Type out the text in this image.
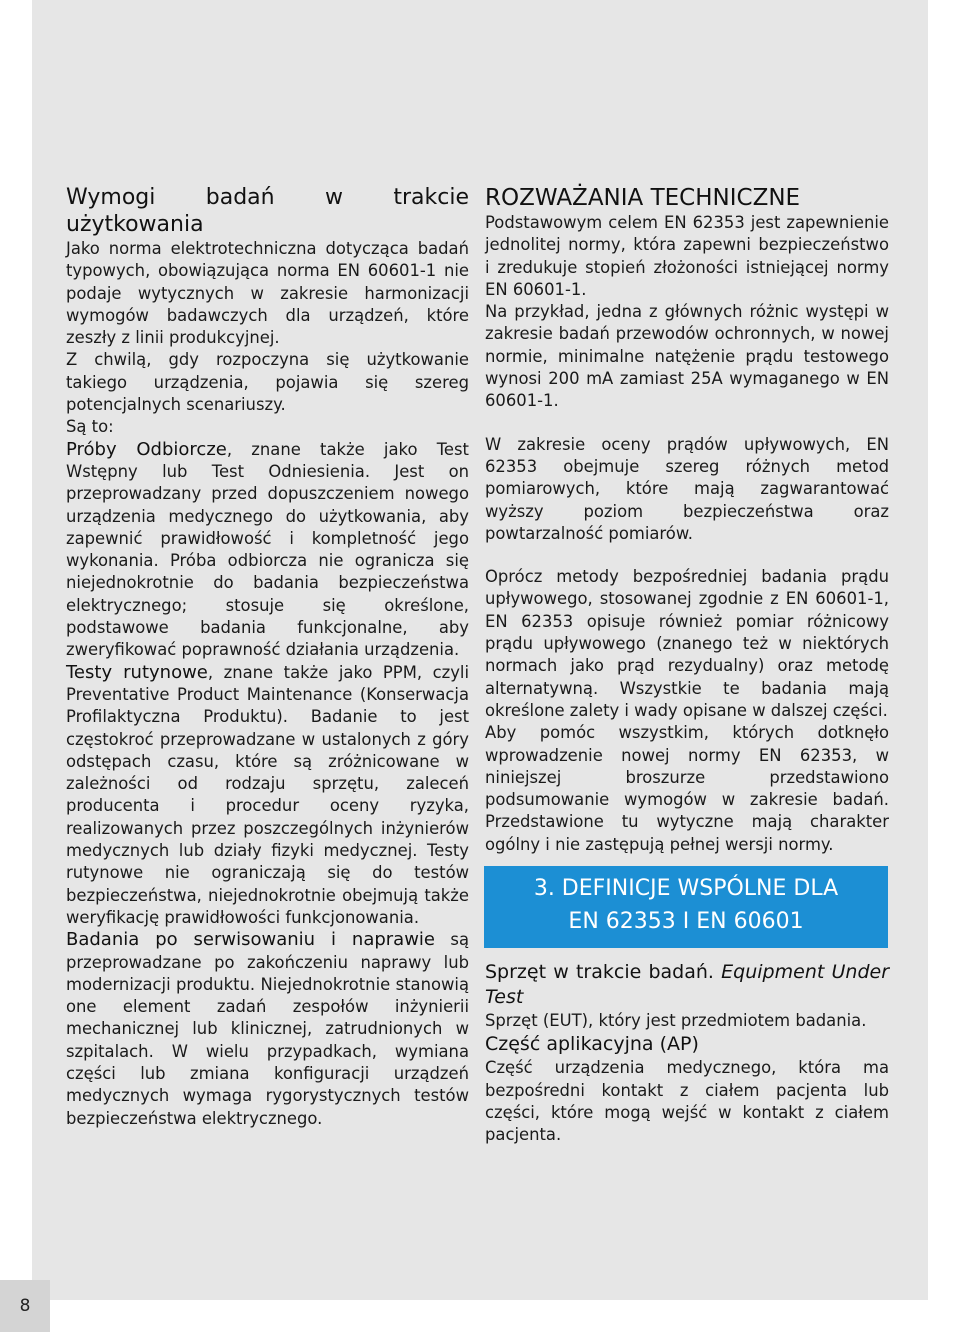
8
Wymogi badań w trakcie użytkowania

Jako norma elektrotechniczna dotycząca badań typowych, obowiązująca norma EN 60601-1 nie podaje wytycznych w zakresie harmonizacji wymogów badawczych dla urządzeń, które zeszły z linii produkcyjnej.

Z chwilą, gdy rozpoczyna się użytkowanie takiego urządzenia, pojawia się szereg potencjalnych scenariuszy.

Są to:

Próby Odbiorcze, znane także jako Test Wstępny lub Test Odniesienia. Jest on przeprowadzany przed dopuszczeniem nowego urządzenia medycznego do użytkowania, aby zapewnić prawidłowość i kompletność jego wykonania. Próba odbiorcza nie ogranicza się niejednokrotnie do badania bezpieczeństwa elektrycznego; stosuje się określone, podstawowe badania funkcjonalne, aby zweryfikować poprawność działania urządzenia.

Testy rutynowe, znane także jako PPM, czyli Preventative Product Maintenance (Konserwacja Profilaktyczna Produktu). Badanie to jest częstokroć przeprowadzane w ustalonych z góry odstępach czasu, które są zróżnicowane w zależności od rodzaju sprzętu, zaleceń producenta i procedur oceny ryzyka, realizowanych przez poszczególnych inżynierów medycznych lub działy fizyki medycznej. Testy rutynowe nie ograniczają się do testów bezpieczeństwa, niejednokrotnie obejmują także weryfikację prawidłowości funkcjonowania.

Badania po serwisowaniu i naprawie są przeprowadzane po zakończeniu naprawy lub modernizacji produktu. Niejednokrotnie stanowią one element zadań zespołów inżynierii mechanicznej lub klinicznej, zatrudnionych w szpitalach. W wielu przypadkach, wymiana części lub zmiana konfiguracji urządzeń medycznych wymaga rygorystycznych testów bezpieczeństwa elektrycznego.

ROZWAŻANIA TECHNICZNE

Podstawowym celem EN 62353 jest zapewnienie jednolitej normy, która zapewni bezpieczeństwo i zredukuje stopień złożoności istniejącej normy EN 60601-1.

Na przykład, jedna z głównych różnic występi w zakresie badań przewodów ochronnych, w nowej normie, minimalne natężenie prądu testowego wynosi 200 mA zamiast 25A wymaganego w EN 60601-1.

W zakresie oceny prądów upływowych, EN 62353 obejmuje szereg różnych metod pomiarowych, które mają zagwarantować wyższy poziom bezpieczeństwa oraz powtarzalność pomiarów.

Oprócz metody bezpośredniej badania prądu upływowego, stosowanej zgodnie z EN 60601-1, EN 62353 opisuje również pomiar różnicowy prądu upływowego (znanego też w niektórych normach jako prąd rezydualny) oraz metodę alternatywną. Wszystkie te badania mają określone zalety i wady opisane w dalszej części.

Aby pomóc wszystkim, których dotknęło wprowadzenie nowej normy EN 62353, w niniejszej broszurze przedstawiono podsumowanie wymogów w zakresie badań. Przedstawione tu wytyczne mają charakter ogólny i nie zastępują pełnej wersji normy.

3. DEFINICJE WSPÓLNE DLA
EN 62353 I EN 60601
Sprzęt w trakcie badań. Equipment Under Test

Sprzęt (EUT), który jest przedmiotem badania.

Część aplikacyjna (AP)

Część urządzenia medycznego, która ma bezpośredni kontakt z ciałem pacjenta lub części, które mogą wejść w kontakt z ciałem pacjenta.
